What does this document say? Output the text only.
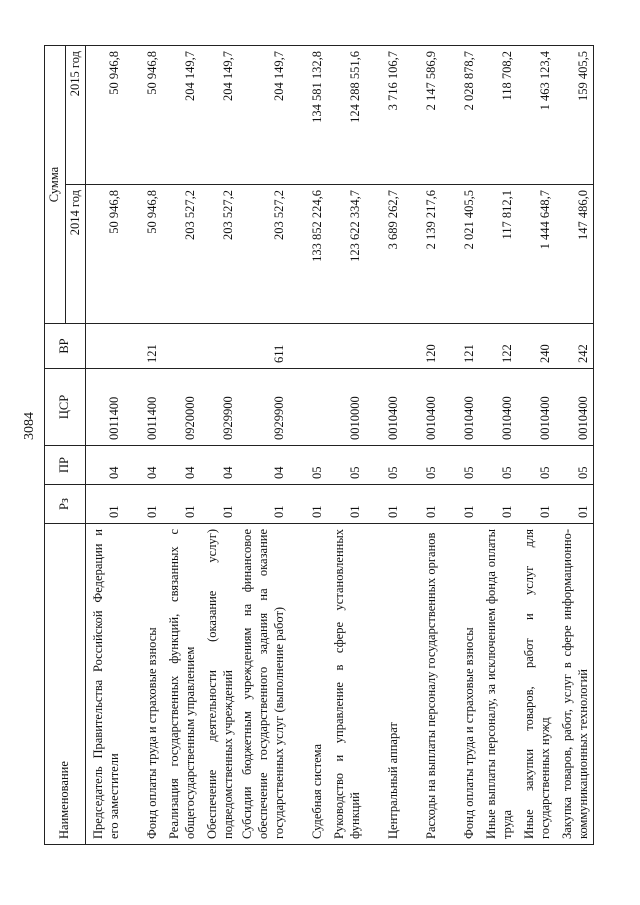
3084
Наименование	Рз	ПР	ЦСР	ВР	Сумма	
					2014 год	2015 год
Председатель Правительства Российской Федерации и его заместители	01	04	0011400		50 946,8	50 946,8
Фонд оплаты труда и страховые взносы	01	04	0011400	121	50 946,8	50 946,8
Реализация государственных функций, связанных с общегосударственным управлением	01	04	0920000		203 527,2	204 149,7
Обеспечение деятельности (оказание услуг) подведомственных учреждений	01	04	0929900		203 527,2	204 149,7
Субсидии бюджетным учреждениям на финансовое обеспечение государственного задания на оказание государственных услуг (выполнение работ)	01	04	0929900	611	203 527,2	204 149,7
Судебная система	01	05			133 852 224,6	134 581 132,8
Руководство и управление в сфере установленных функций	01	05	0010000		123 622 334,7	124 288 551,6
Центральный аппарат	01	05	0010400		3 689 262,7	3 716 106,7
Расходы на выплаты персоналу государственных органов	01	05	0010400	120	2 139 217,6	2 147 586,9
Фонд оплаты труда и страховые взносы	01	05	0010400	121	2 021 405,5	2 028 878,7
Иные выплаты персоналу, за исключением фонда оплаты труда	01	05	0010400	122	117 812,1	118 708,2
Иные закупки товаров, работ и услуг для государственных нужд	01	05	0010400	240	1 444 648,7	1 463 123,4
Закупка товаров, работ, услуг в сфере информационно-коммуникационных технологий	01	05	0010400	242	147 486,0	159 405,5
